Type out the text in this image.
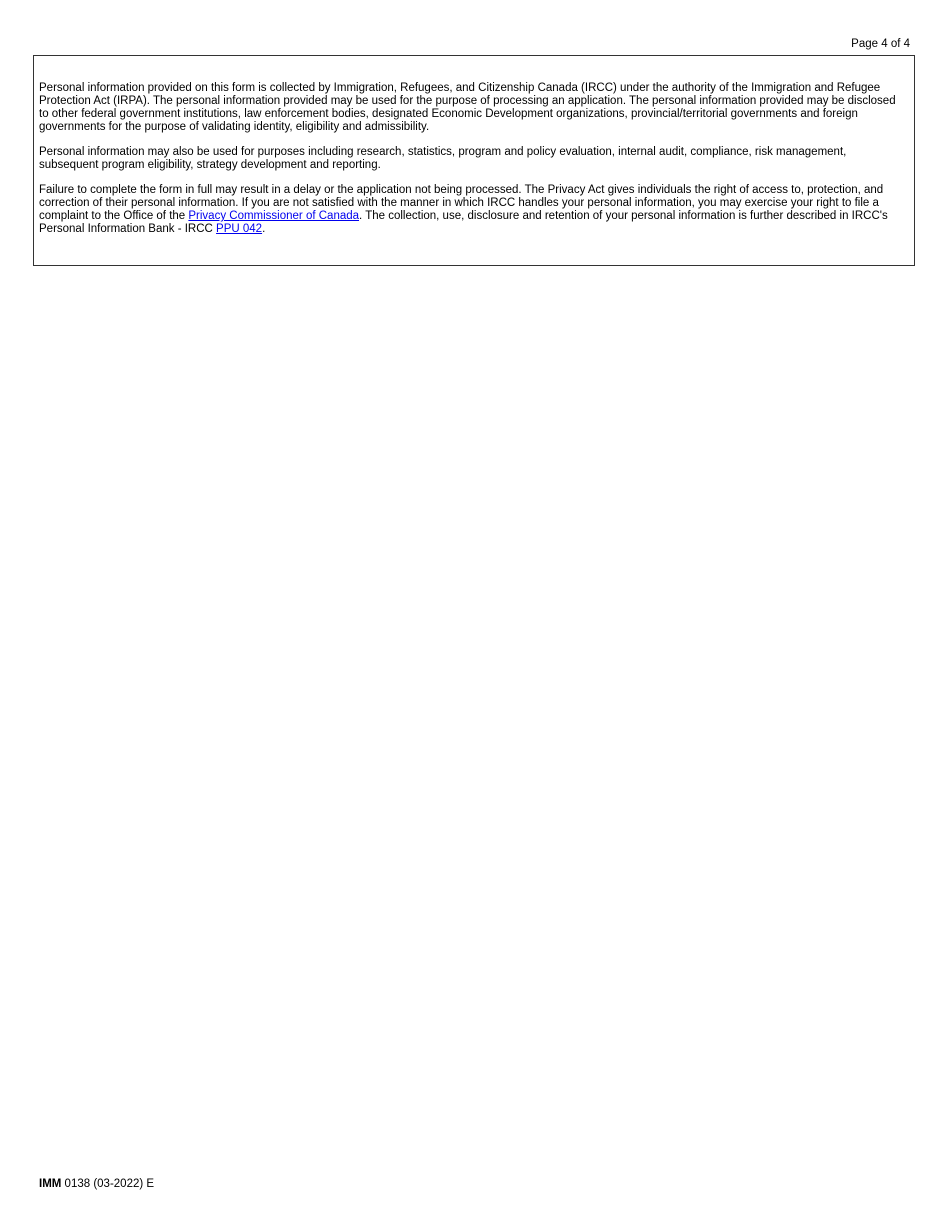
Page 4 of 4

Personal information provided on this form is collected by Immigration, Refugees, and Citizenship Canada (IRCC) under the authority of the Immigration and Refugee Protection Act (IRPA). The personal information provided may be used for the purpose of processing an application. The personal information provided may be disclosed to other federal government institutions, law enforcement bodies, designated Economic Development organizations, provincial/territorial governments and foreign governments for the purpose of validating identity, eligibility and admissibility.

Personal information may also be used for purposes including research, statistics, program and policy evaluation, internal audit, compliance, risk management, subsequent program eligibility, strategy development and reporting.

Failure to complete the form in full may result in a delay or the application not being processed. The Privacy Act gives individuals the right of access to, protection, and correction of their personal information. If you are not satisfied with the manner in which IRCC handles your personal information, you may exercise your right to file a complaint to the Office of the Privacy Commissioner of Canada. The collection, use, disclosure and retention of your personal information is further described in IRCC's Personal Information Bank - IRCC PPU 042.

IMM 0138 (03-2022) E
